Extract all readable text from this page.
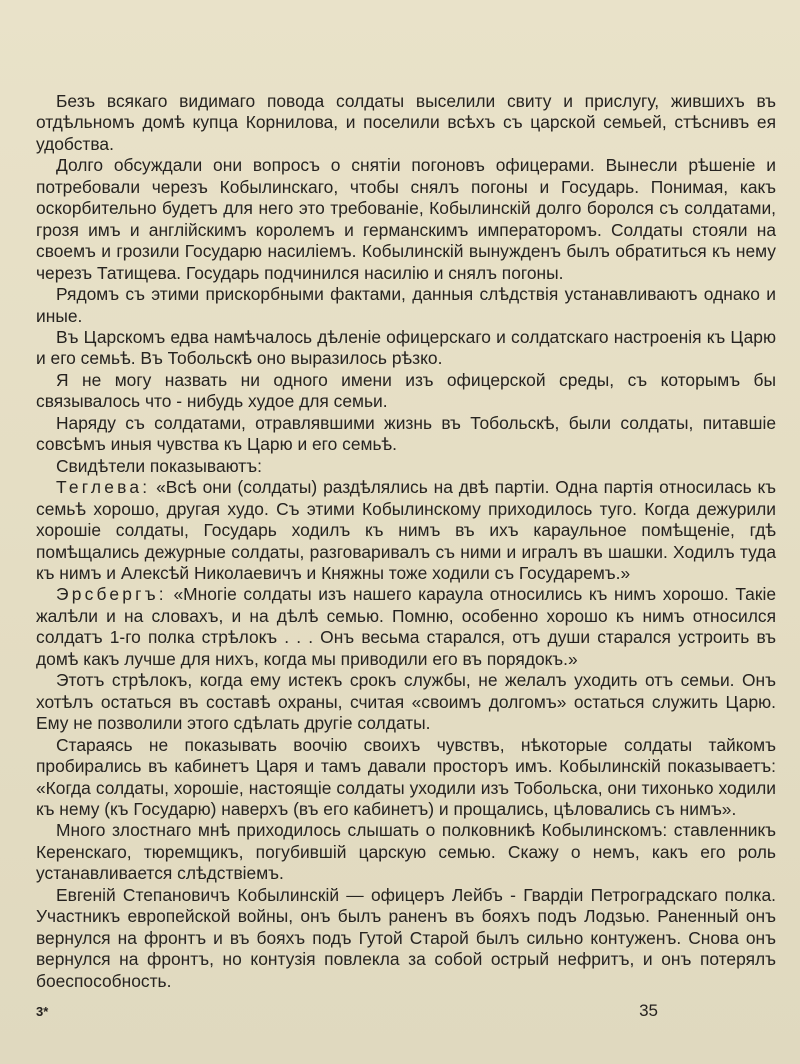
Безъ всякаго видимаго повода солдаты выселили свиту и прислугу, жившихъ въ отдѣльномъ домѣ купца Корнилова, и поселили всѣхъ съ царской семьей, стѣснивъ ея удобства.

Долго обсуждали они вопросъ о снятіи погоновъ офицерами. Вынесли рѣшеніе и потребовали черезъ Кобылинскаго, чтобы снялъ погоны и Государь. Понимая, какъ оскорбительно будетъ для него это требованіе, Кобылинскій долго боролся съ солдатами, грозя имъ и англійскимъ королемъ и германскимъ императоромъ. Солдаты стояли на своемъ и грозили Государю насиліемъ. Кобылинскій вынужденъ былъ обратиться къ нему черезъ Татищева. Государь подчинился насилію и снялъ погоны.

Рядомъ съ этими прискорбными фактами, данныя слѣдствія устанавливаютъ однако и иные.

Въ Царскомъ едва намѣчалось дѣленіе офицерскаго и солдатскаго настроенія къ Царю и его семьѣ. Въ Тобольскѣ оно выразилось рѣзко.

Я не могу назвать ни одного имени изъ офицерской среды, съ которымъ бы связывалось что - нибудь худое для семьи.

Наряду съ солдатами, отравлявшими жизнь въ Тобольскѣ, были солдаты, питавшіе совсѣмъ иныя чувства къ Царю и его семьѣ.

Свидѣтели показываютъ:

Теглева: «Всѣ они (солдаты) раздѣлялись на двѣ партіи. Одна партія относилась къ семьѣ хорошо, другая худо. Съ этими Кобылинскому приходилось туго. Когда дежурили хорошіе солдаты, Государь ходилъ къ нимъ въ ихъ караульное помѣщеніе, гдѣ помѣщались дежурные солдаты, разговаривалъ съ ними и игралъ въ шашки. Ходилъ туда къ нимъ и Алексѣй Николаевичъ и Княжны тоже ходили съ Государемъ.»

Эрсбергъ: «Многіе солдаты изъ нашего караула относились къ нимъ хорошо. Такіе жалѣли и на словахъ, и на дѣлѣ семью. Помню, особенно хорошо къ нимъ относился солдатъ 1-го полка стрѣлокъ . . . Онъ весьма старался, отъ души старался устроить въ домѣ какъ лучше для нихъ, когда мы приводили его въ порядокъ.»

Этотъ стрѣлокъ, когда ему истекъ срокъ службы, не желалъ уходить отъ семьи. Онъ хотѣлъ остаться въ составѣ охраны, считая «своимъ долгомъ» остаться служить Царю. Ему не позволили этого сдѣлать другіе солдаты.

Стараясь не показывать воочію своихъ чувствъ, нѣкоторые солдаты тайкомъ пробирались въ кабинетъ Царя и тамъ давали просторъ имъ. Кобылинскій показываетъ: «Когда солдаты, хорошіе, настоящіе солдаты уходили изъ Тобольска, они тихонько ходили къ нему (къ Государю) наверхъ (въ его кабинетъ) и прощались, цѣловались съ нимъ».

Много злостнаго мнѣ приходилось слышать о полковникѣ Кобылинскомъ: ставленникъ Керенскаго, тюремщикъ, погубившій царскую семью. Скажу о немъ, какъ его роль устанавливается слѣдствіемъ.

Евгеній Степановичъ Кобылинскій — офицеръ Лейбъ - Гвардіи Петроградскаго полка. Участникъ европейской войны, онъ былъ раненъ въ бояхъ подъ Лодзью. Раненный онъ вернулся на фронтъ и въ бояхъ подъ Гутой Старой былъ сильно контуженъ. Снова онъ вернулся на фронтъ, но контузія повлекла за собой острый нефритъ, и онъ потерялъ боеспособность.

3*	35
